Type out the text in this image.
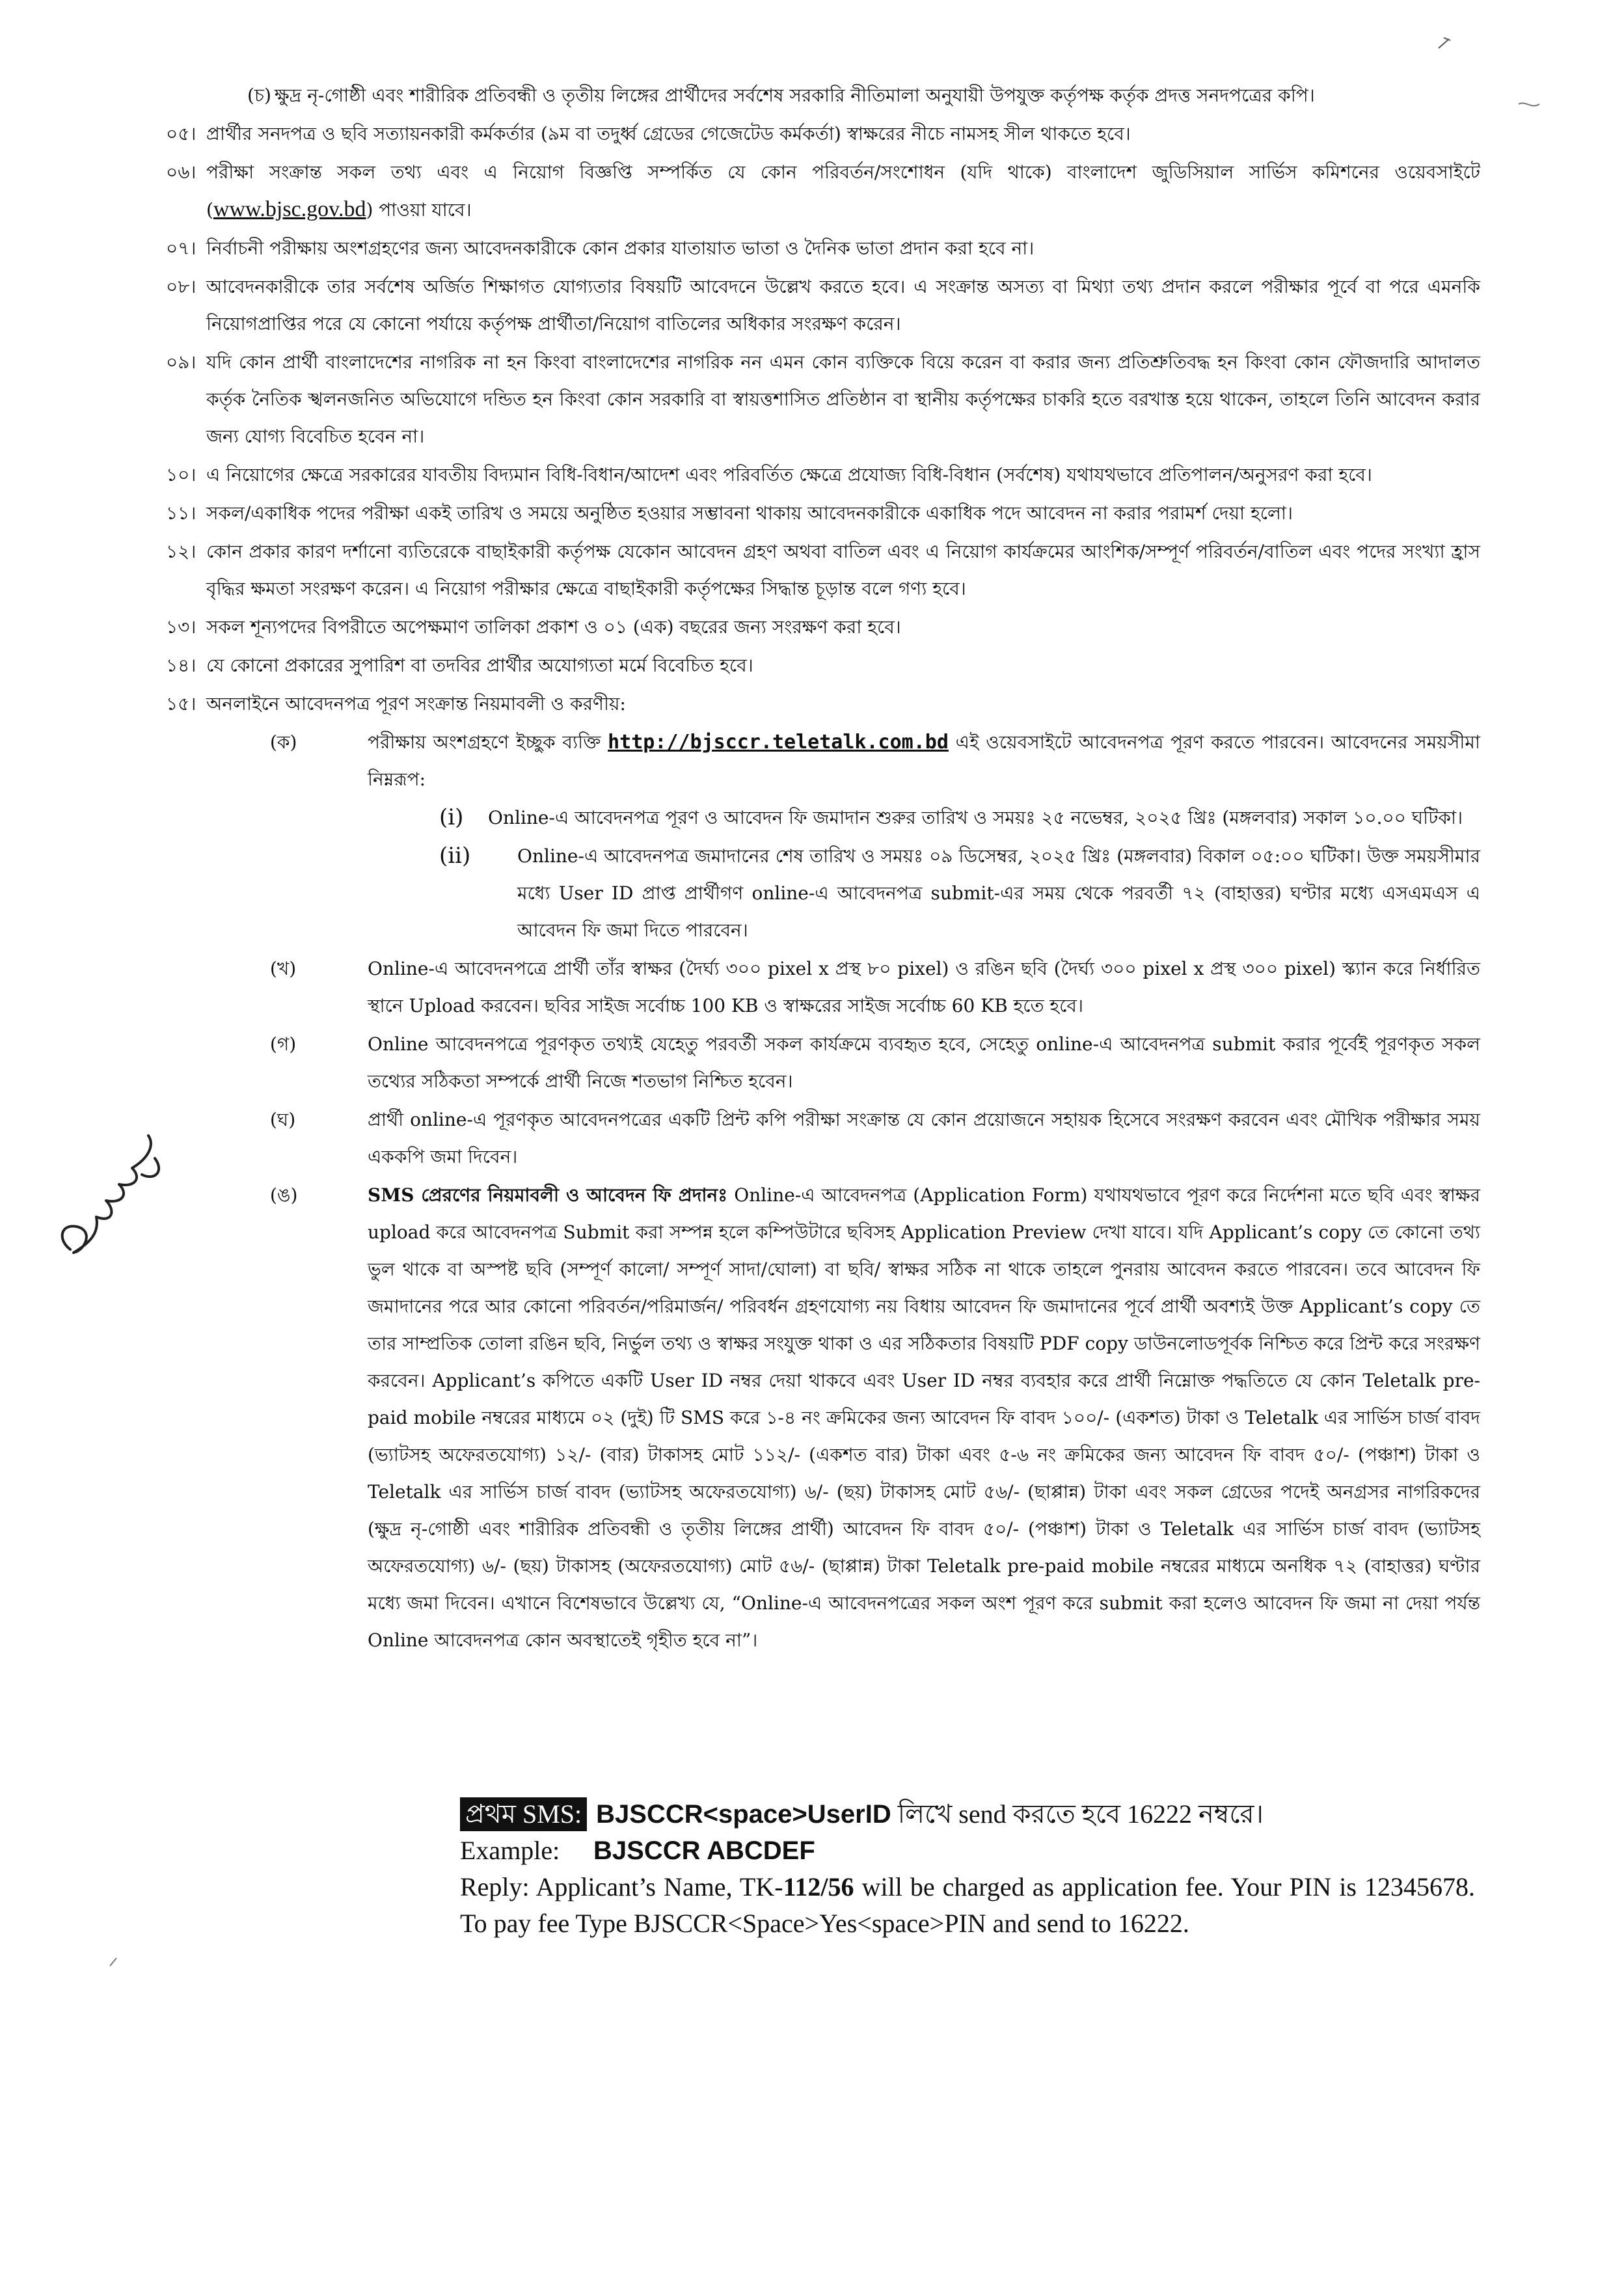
(চ) ক্ষুদ্র নৃ-গোষ্ঠী এবং শারীরিক প্রতিবন্ধী ও তৃতীয় লিঙ্গের প্রার্থীদের সর্বশেষ সরকারি নীতিমালা অনুযায়ী উপযুক্ত কর্তৃপক্ষ কর্তৃক প্রদত্ত সনদপত্রের কপি।
০৫। প্রার্থীর সনদপত্র ও ছবি সত্যায়নকারী কর্মকর্তার (৯ম বা তদুর্ধ্ব গ্রেডের গেজেটেড কর্মকর্তা) স্বাক্ষরের নীচে নামসহ সীল থাকতে হবে।
০৬। পরীক্ষা সংক্রান্ত সকল তথ্য এবং এ নিয়োগ বিজ্ঞপ্তি সম্পর্কিত যে কোন পরিবর্তন/সংশোধন (যদি থাকে) বাংলাদেশ জুডিসিয়াল সার্ভিস কমিশনের ওয়েবসাইটে (www.bjsc.gov.bd) পাওয়া যাবে।
০৭। নির্বাচনী পরীক্ষায় অংশগ্রহণের জন্য আবেদনকারীকে কোন প্রকার যাতায়াত ভাতা ও দৈনিক ভাতা প্রদান করা হবে না।
০৮। আবেদনকারীকে তার সর্বশেষ অর্জিত শিক্ষাগত যোগ্যতার বিষয়টি আবেদনে উল্লেখ করতে হবে। এ সংক্রান্ত অসত্য বা মিথ্যা তথ্য প্রদান করলে পরীক্ষার পূর্বে বা পরে এমনকি নিয়োগপ্রাপ্তির পরে যে কোনো পর্যায়ে কর্তৃপক্ষ প্রার্থীতা/নিয়োগ বাতিলের অধিকার সংরক্ষণ করেন।
০৯। যদি কোন প্রার্থী বাংলাদেশের নাগরিক না হন কিংবা বাংলাদেশের নাগরিক নন এমন কোন ব্যক্তিকে বিয়ে করেন বা করার জন্য প্রতিশ্রুতিবদ্ধ হন কিংবা কোন ফৌজদারি আদালত কর্তৃক নৈতিক স্খলনজনিত অভিযোগে দন্ডিত হন কিংবা কোন সরকারি বা স্বায়ত্তশাসিত প্রতিষ্ঠান বা স্থানীয় কর্তৃপক্ষের চাকরি হতে বরখাস্ত হয়ে থাকেন, তাহলে তিনি আবেদন করার জন্য যোগ্য বিবেচিত হবেন না।
১০। এ নিয়োগের ক্ষেত্রে সরকারের যাবতীয় বিদ্যমান বিধি-বিধান/আদেশ এবং পরিবর্তিত ক্ষেত্রে প্রযোজ্য বিধি-বিধান (সর্বশেষ) যথাযথভাবে প্রতিপালন/অনুসরণ করা হবে।
১১। সকল/একাধিক পদের পরীক্ষা একই তারিখ ও সময়ে অনুষ্ঠিত হওয়ার সম্ভাবনা থাকায় আবেদনকারীকে একাধিক পদে আবেদন না করার পরামর্শ দেয়া হলো।
১২। কোন প্রকার কারণ দর্শানো ব্যতিরেকে বাছাইকারী কর্তৃপক্ষ যেকোন আবেদন গ্রহণ অথবা বাতিল এবং এ নিয়োগ কার্যক্রমের আংশিক/সম্পূর্ণ পরিবর্তন/বাতিল এবং পদের সংখ্যা হ্রাস বৃদ্ধির ক্ষমতা সংরক্ষণ করেন। এ নিয়োগ পরীক্ষার ক্ষেত্রে বাছাইকারী কর্তৃপক্ষের সিদ্ধান্ত চূড়ান্ত বলে গণ্য হবে।
১৩। সকল শূন্যপদের বিপরীতে অপেক্ষমাণ তালিকা প্রকাশ ও ০১ (এক) বছরের জন্য সংরক্ষণ করা হবে।
১৪। যে কোনো প্রকারের সুপারিশ বা তদবির প্রার্থীর অযোগ্যতা মর্মে বিবেচিত হবে।
১৫। অনলাইনে আবেদনপত্র পূরণ সংক্রান্ত নিয়মাবলী ও করণীয়:
(ক)	পরীক্ষায় অংশগ্রহণে ইচ্ছুক ব্যক্তি http://bjsccr.teletalk.com.bd এই ওয়েবসাইটে আবেদনপত্র পূরণ করতে পারবেন। আবেদনের সময়সীমা নিম্নরূপ:
(i) Online-এ আবেদনপত্র পূরণ ও আবেদন ফি জমাদান শুরুর তারিখ ও সময়ঃ ২৫ নভেম্বর, ২০২৫ খ্রিঃ (মঙ্গলবার) সকাল ১০.০০ ঘটিকা।
(ii)	Online-এ আবেদনপত্র জমাদানের শেষ তারিখ ও সময়ঃ ০৯ ডিসেম্বর, ২০২৫ খ্রিঃ (মঙ্গলবার) বিকাল ০৫:০০ ঘটিকা। উক্ত সময়সীমার মধ্যে User ID প্রাপ্ত প্রার্থীগণ online-এ আবেদনপত্র submit-এর সময় থেকে পরবর্তী ৭২ (বাহাত্তর) ঘণ্টার মধ্যে এসএমএস এ আবেদন ফি জমা দিতে পারবেন।
(খ)	Online-এ আবেদনপত্রে প্রার্থী তাঁর স্বাক্ষর (দৈর্ঘ্য ৩০০ pixel x প্রস্থ ৮০ pixel) ও রঙিন ছবি (দৈর্ঘ্য ৩০০ pixel x প্রস্থ ৩০০ pixel) স্ক্যান করে নির্ধারিত স্থানে Upload করবেন। ছবির সাইজ সর্বোচ্চ 100 KB ও স্বাক্ষরের সাইজ সর্বোচ্চ 60 KB হতে হবে।
(গ)	Online আবেদনপত্রে পূরণকৃত তথ্যই যেহেতু পরবর্তী সকল কার্যক্রমে ব্যবহৃত হবে, সেহেতু online-এ আবেদনপত্র submit করার পূর্বেই পূরণকৃত সকল তথ্যের সঠিকতা সম্পর্কে প্রার্থী নিজে শতভাগ নিশ্চিত হবেন।
(ঘ)	প্রার্থী online-এ পূরণকৃত আবেদনপত্রের একটি প্রিন্ট কপি পরীক্ষা সংক্রান্ত যে কোন প্রয়োজনে সহায়ক হিসেবে সংরক্ষণ করবেন এবং মৌখিক পরীক্ষার সময় এককপি জমা দিবেন।
(ঙ)	SMS প্রেরণের নিয়মাবলী ও আবেদন ফি প্রদানঃ Online-এ আবেদনপত্র (Application Form) যথাযথভাবে পূরণ করে নির্দেশনা মতে ছবি এবং স্বাক্ষর upload করে আবেদনপত্র Submit করা সম্পন্ন হলে কম্পিউটারে ছবিসহ Application Preview দেখা যাবে। যদি Applicant’s copy তে কোনো তথ্য ভুল থাকে বা অস্পষ্ট ছবি (সম্পূর্ণ কালো/ সম্পূর্ণ সাদা/ঘোলা) বা ছবি/ স্বাক্ষর সঠিক না থাকে তাহলে পুনরায় আবেদন করতে পারবেন। তবে আবেদন ফি জমাদানের পরে আর কোনো পরিবর্তন/পরিমার্জন/ পরিবর্ধন গ্রহণযোগ্য নয় বিধায় আবেদন ফি জমাদানের পূর্বে প্রার্থী অবশ্যই উক্ত Applicant’s copy তে তার সাম্প্রতিক তোলা রঙিন ছবি, নির্ভুল তথ্য ও স্বাক্ষর সংযুক্ত থাকা ও এর সঠিকতার বিষয়টি PDF copy ডাউনলোডপূর্বক নিশ্চিত করে প্রিন্ট করে সংরক্ষণ করবেন। Applicant’s কপিতে একটি User ID নম্বর দেয়া থাকবে এবং User ID নম্বর ব্যবহার করে প্রার্থী নিম্নোক্ত পদ্ধতিতে যে কোন Teletalk pre-paid mobile নম্বরের মাধ্যমে ০২ (দুই) টি SMS করে ১-৪ নং ক্রমিকের জন্য আবেদন ফি বাবদ ১০০/- (একশত) টাকা ও Teletalk এর সার্ভিস চার্জ বাবদ (ভ্যাটসহ অফেরতযোগ্য) ১২/- (বার) টাকাসহ মোট ১১২/- (একশত বার) টাকা এবং ৫-৬ নং ক্রমিকের জন্য আবেদন ফি বাবদ ৫০/- (পঞ্চাশ) টাকা ও Teletalk এর সার্ভিস চার্জ বাবদ (ভ্যাটসহ অফেরতযোগ্য) ৬/- (ছয়) টাকাসহ মোট ৫৬/- (ছাপ্পান্ন) টাকা এবং সকল গ্রেডের পদেই অনগ্রসর নাগরিকদের (ক্ষুদ্র নৃ-গোষ্ঠী এবং শারীরিক প্রতিবন্ধী ও তৃতীয় লিঙ্গের প্রার্থী) আবেদন ফি বাবদ ৫০/- (পঞ্চাশ) টাকা ও Teletalk এর সার্ভিস চার্জ বাবদ (ভ্যাটসহ অফেরতযোগ্য) ৬/- (ছয়) টাকাসহ (অফেরতযোগ্য) মোট ৫৬/- (ছাপ্পান্ন) টাকা Teletalk pre-paid mobile নম্বরের মাধ্যমে অনধিক ৭২ (বাহাত্তর) ঘণ্টার মধ্যে জমা দিবেন। এখানে বিশেষভাবে উল্লেখ্য যে, “Online-এ আবেদনপত্রের সকল অংশ পূরণ করে submit করা হলেও আবেদন ফি জমা না দেয়া পর্যন্ত Online আবেদনপত্র কোন অবস্থাতেই গৃহীত হবে না”।
প্রথম SMS: BJSCCR<space>UserID লিখে send করতে হবে 16222 নম্বরে।
Example: BJSCCR ABCDEF
Reply: Applicant’s Name, TK-112/56 will be charged as application fee. Your PIN is 12345678. To pay fee Type BJSCCR<Space>Yes<space>PIN and send to 16222.
